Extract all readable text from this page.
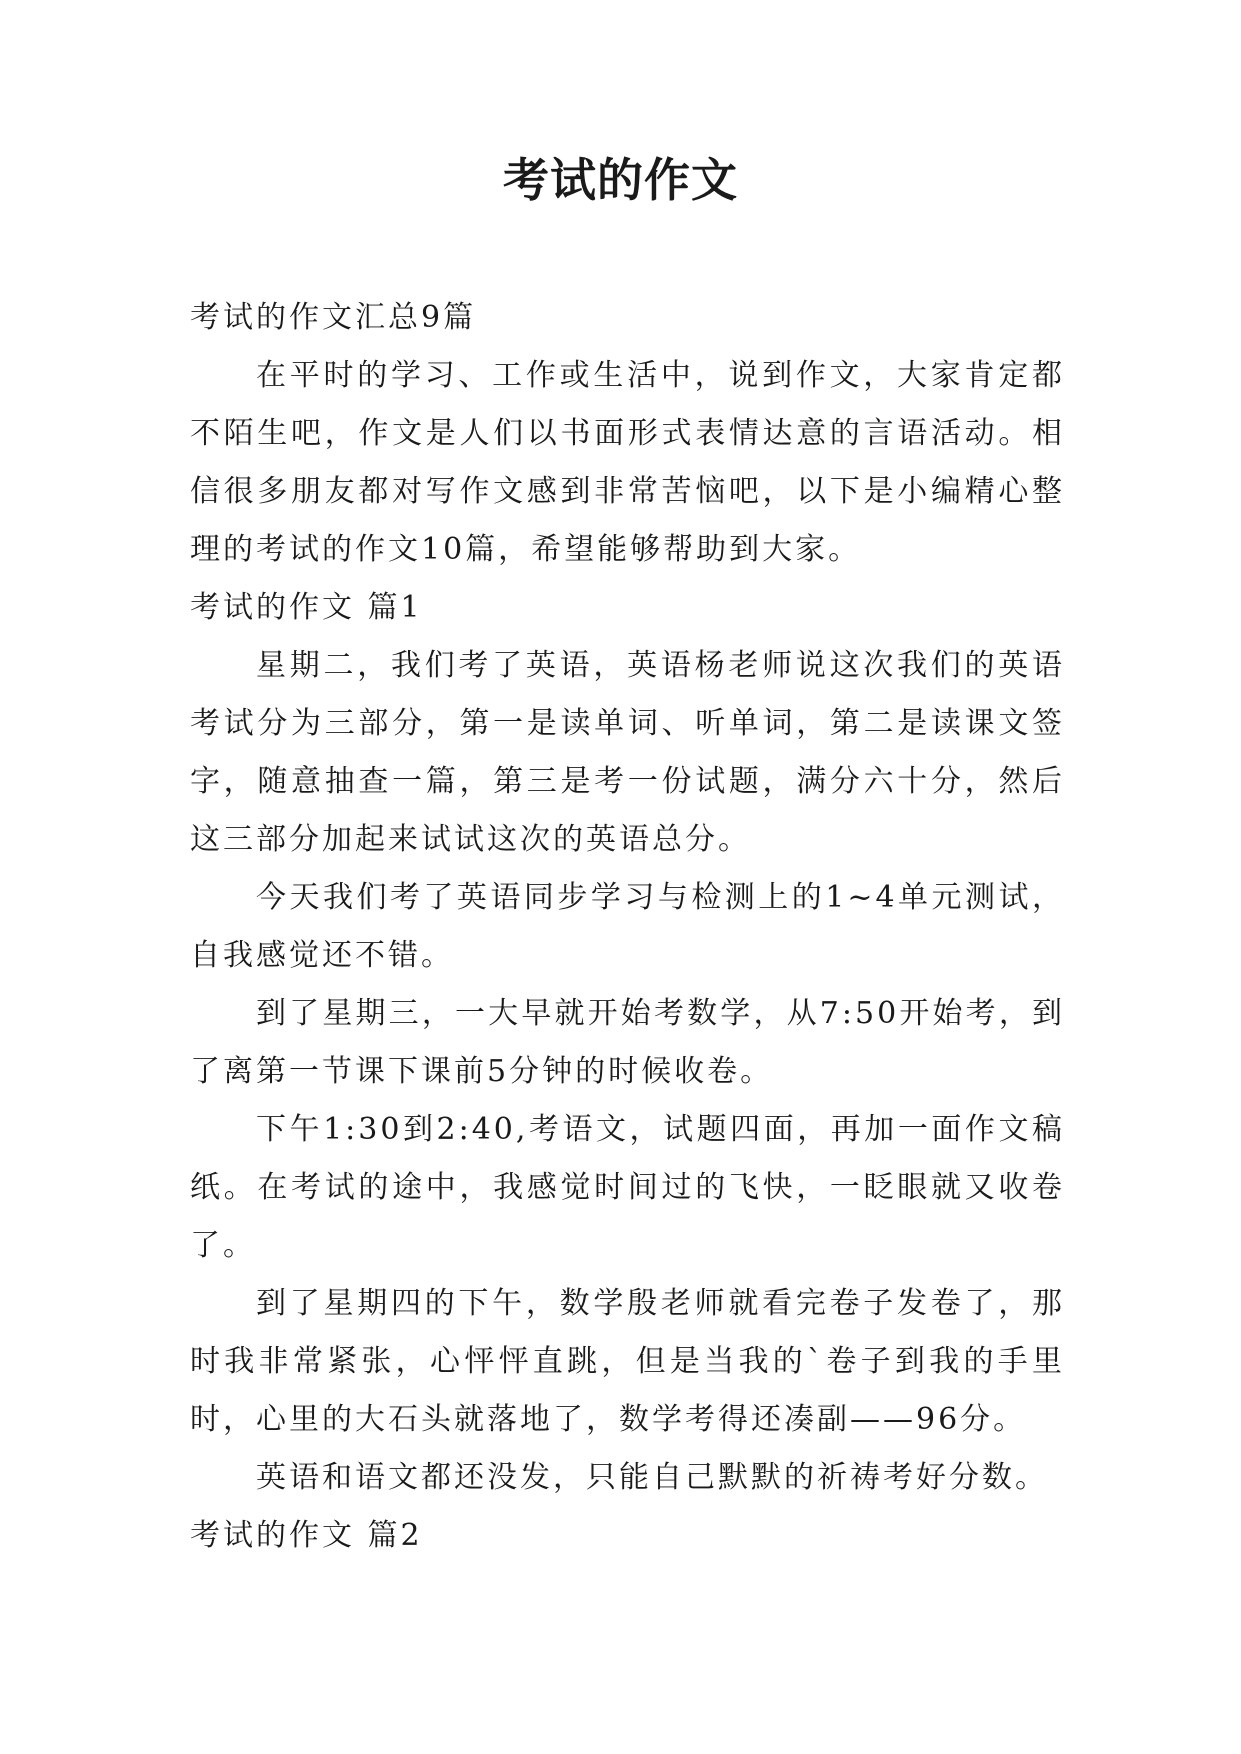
考试的作文

考试的作文汇总9篇

在平时的学习、工作或生活中，说到作文，大家肯定都不陌生吧，作文是人们以书面形式表情达意的言语活动。相信很多朋友都对写作文感到非常苦恼吧，以下是小编精心整理的考试的作文10篇，希望能够帮助到大家。

考试的作文 篇1

星期二，我们考了英语，英语杨老师说这次我们的英语考试分为三部分，第一是读单词、听单词，第二是读课文签字，随意抽查一篇，第三是考一份试题，满分六十分，然后这三部分加起来试试这次的英语总分。

今天我们考了英语同步学习与检测上的1~4单元测试，自我感觉还不错。

到了星期三，一大早就开始考数学，从7:50开始考，到了离第一节课下课前5分钟的时候收卷。

下午1:30到2:40,考语文，试题四面，再加一面作文稿纸。在考试的途中，我感觉时间过的飞快，一眨眼就又收卷了。

到了星期四的下午，数学殷老师就看完卷子发卷了，那时我非常紧张，心怦怦直跳，但是当我的`卷子到我的手里时，心里的大石头就落地了，数学考得还凑副——96分。

英语和语文都还没发，只能自己默默的祈祷考好分数。

考试的作文 篇2
